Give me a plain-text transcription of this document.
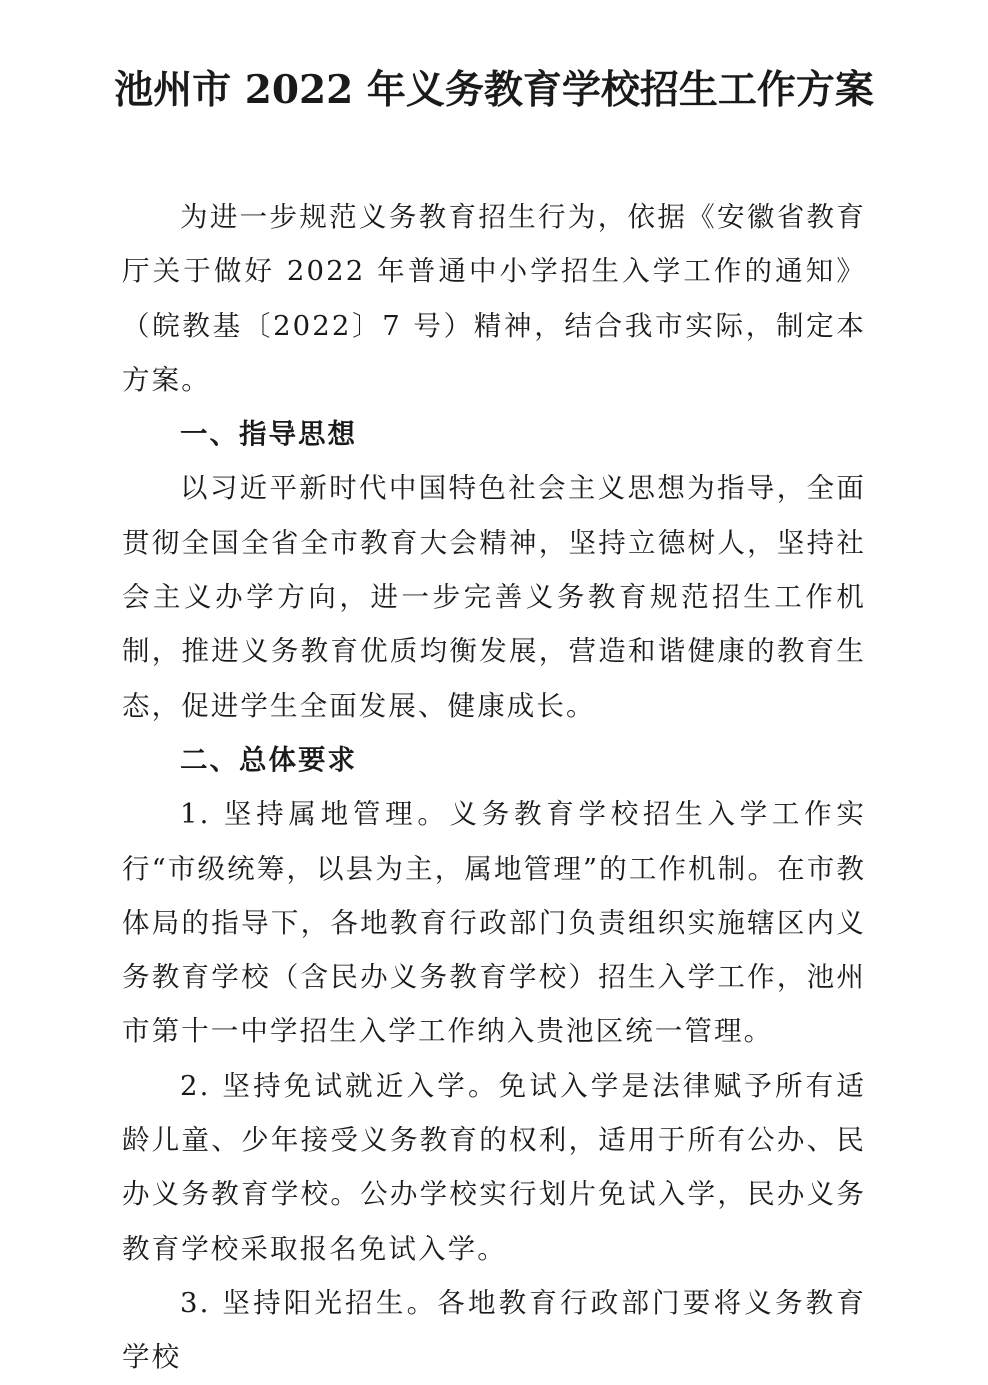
池州市 2022 年义务教育学校招生工作方案

为进一步规范义务教育招生行为，依据《安徽省教育厅关于做好 2022 年普通中小学招生入学工作的通知》（皖教基〔2022〕7 号）精神，结合我市实际，制定本方案。

一、指导思想

以习近平新时代中国特色社会主义思想为指导，全面贯彻全国全省全市教育大会精神，坚持立德树人，坚持社会主义办学方向，进一步完善义务教育规范招生工作机制，推进义务教育优质均衡发展，营造和谐健康的教育生态，促进学生全面发展、健康成长。

二、总体要求

1. 坚持属地管理。义务教育学校招生入学工作实行“市级统筹，以县为主，属地管理”的工作机制。在市教体局的指导下，各地教育行政部门负责组织实施辖区内义务教育学校（含民办义务教育学校）招生入学工作，池州市第十一中学招生入学工作纳入贵池区统一管理。

2. 坚持免试就近入学。免试入学是法律赋予所有适龄儿童、少年接受义务教育的权利，适用于所有公办、民办义务教育学校。公办学校实行划片免试入学，民办义务教育学校采取报名免试入学。

3. 坚持阳光招生。各地教育行政部门要将义务教育学校
